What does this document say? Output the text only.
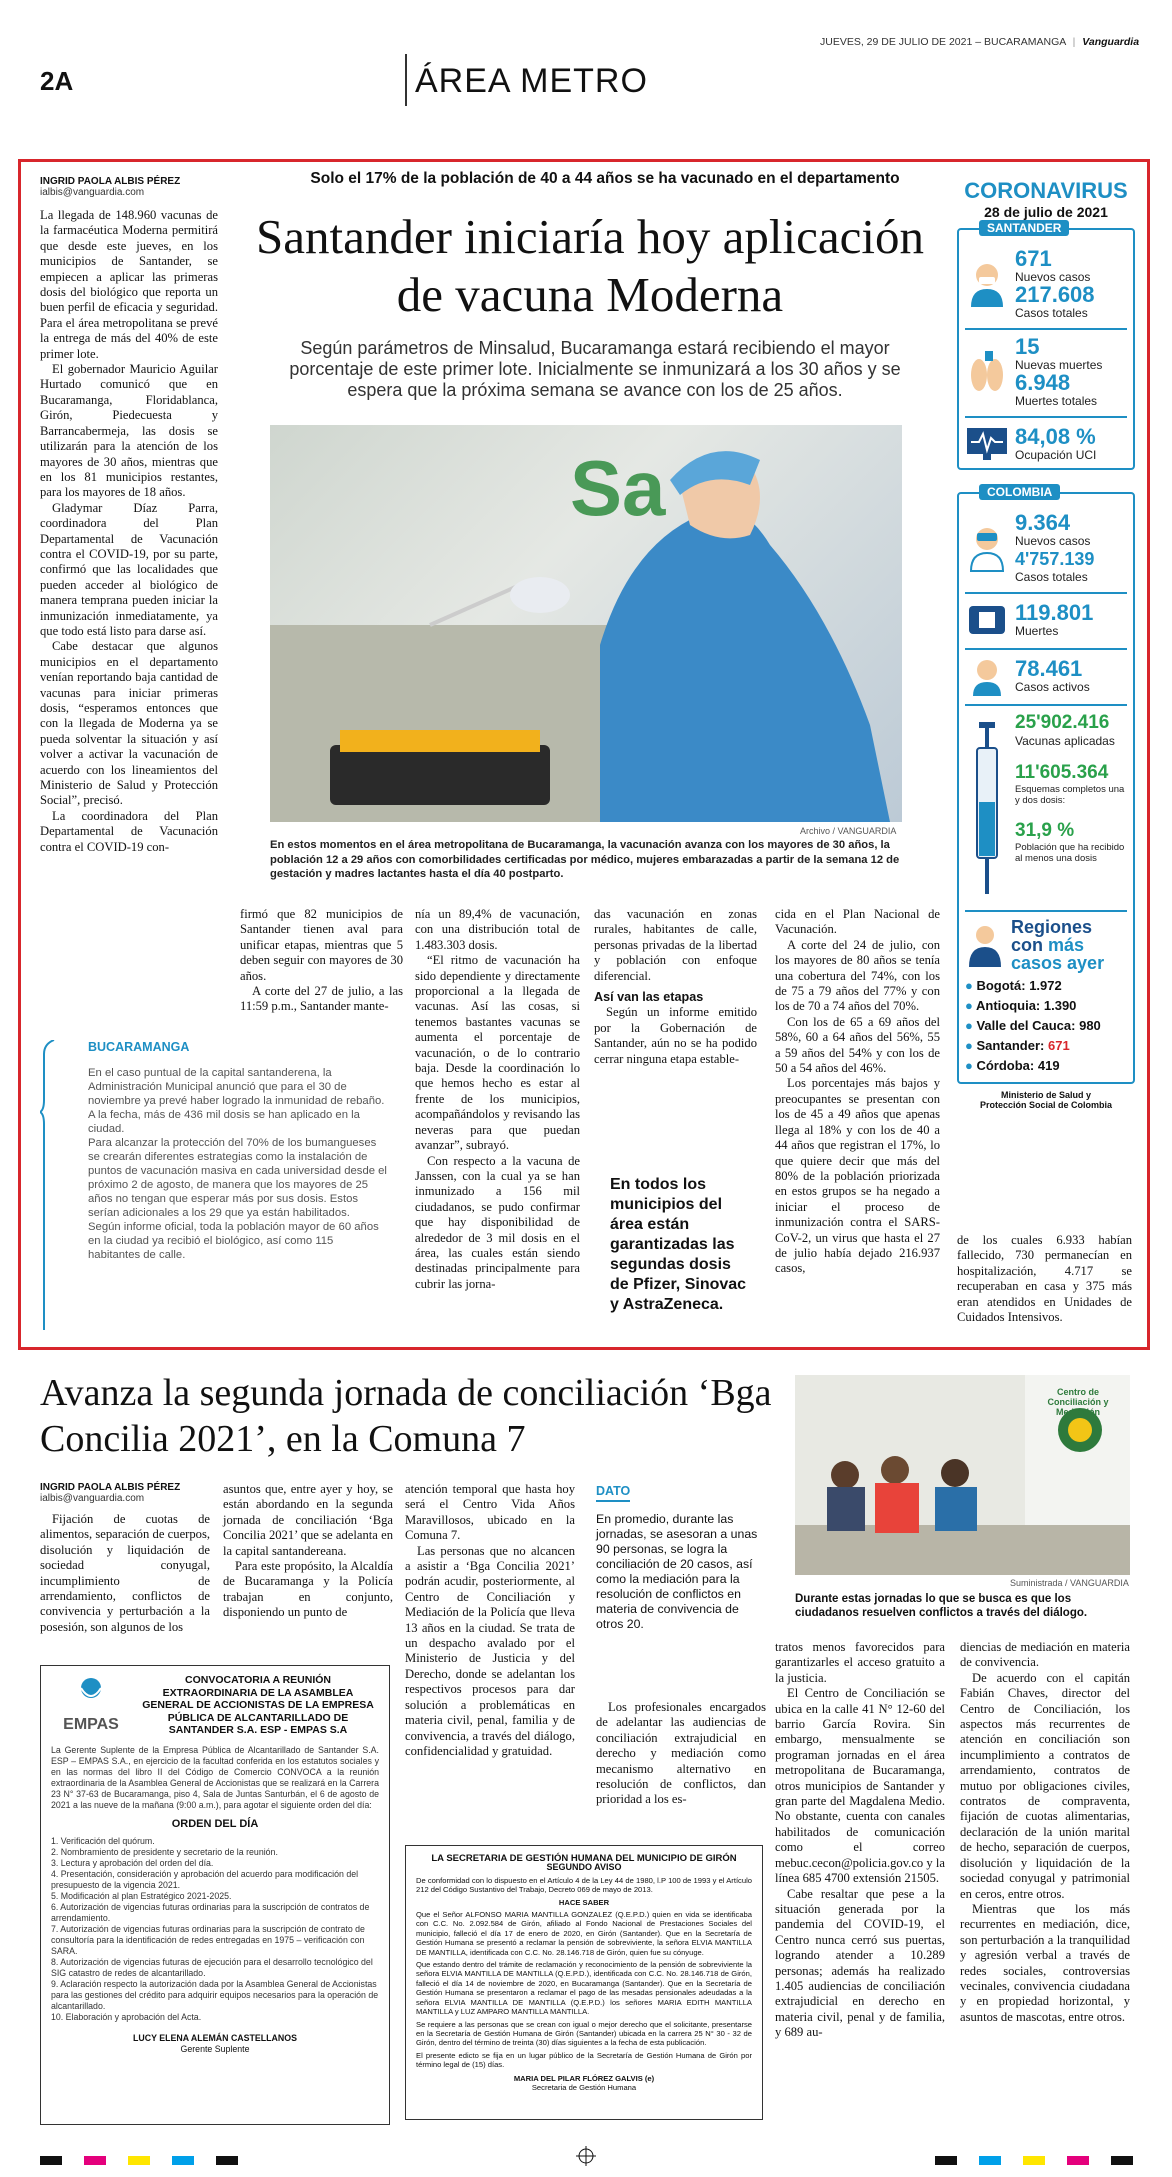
JUEVES, 29 DE JULIO DE 2021 – BUCARAMANGA | Vanguardia
2A	ÁREA METRO
INGRID PAOLA ALBIS PÉREZ
ialbis@vanguardia.com
Solo el 17% de la población de 40 a 44 años se ha vacunado en el departamento
Santander iniciaría hoy aplicación de vacuna Moderna
Según parámetros de Minsalud, Bucaramanga estará recibiendo el mayor porcentaje de este primer lote. Inicialmente se inmunizará a los 30 años y se espera que la próxima semana se avance con los de 25 años.

La llegada de 148.960 vacunas de la farmacéutica Moderna permitirá que desde este jueves, en los municipios de Santander, se empiecen a aplicar las primeras dosis del biológico que reporta un buen perfil de eficacia y seguridad. Para el área metropolitana se prevé la entrega de más del 40% de este primer lote.

El gobernador Mauricio Aguilar Hurtado comunicó que en Bucaramanga, Floridablanca, Girón, Piedecuesta y Barrancabermeja, las dosis se utilizarán para la atención de los mayores de 30 años, mientras que en los 81 municipios restantes, para los mayores de 18 años.

Gladymar Díaz Parra, coordinadora del Plan Departamental de Vacunación contra el COVID-19, por su parte, confirmó que las localidades que pueden acceder al biológico de manera temprana pueden iniciar la inmunización inmediatamente, ya que todo está listo para darse así.

Cabe destacar que algunos municipios en el departamento venían reportando baja cantidad de vacunas para iniciar primeras dosis, “esperamos entonces que con la llegada de Moderna ya se pueda solventar la situación y así volver a activar la vacunación de acuerdo con los lineamientos del Ministerio de Salud y Protección Social”, precisó.

La coordinadora del Plan Departamental de Vacunación contra el COVID-19 con-

Sa
Archivo / VANGUARDIA
En estos momentos en el área metropolitana de Bucaramanga, la vacunación avanza con los mayores de 30 años, la población 12 a 29 años con comorbilidades certificadas por médico, mujeres embarazadas a partir de la semana 12 de gestación y madres lactantes hasta el día 40 postparto.

firmó que 82 municipios de Santander tienen aval para unificar etapas, mientras que 5 deben seguir con mayores de 30 años.

A corte del 27 de julio, a las 11:59 p.m., Santander mante-

nía un 89,4% de vacunación, con una distribución total de 1.483.303 dosis.

“El ritmo de vacunación ha sido dependiente y directamente proporcional a la llegada de vacunas. Así las cosas, si tenemos bastantes vacunas se aumenta el porcentaje de vacunación, o de lo contrario baja. Desde la coordinación lo que hemos hecho es estar al frente de los municipios, acompañándolos y revisando las neveras para que puedan avanzar”, subrayó.

Con respecto a la vacuna de Janssen, con la cual ya se han inmunizado a 156 mil ciudadanos, se pudo confirmar que hay disponibilidad de alrededor de 3 mil dosis en el área, las cuales están siendo destinadas principalmente para cubrir las jorna-

das vacunación en zonas rurales, habitantes de calle, personas privadas de la libertad y población con enfoque diferencial.

Así van las etapas

Según un informe emitido por la Gobernación de Santander, aún no se ha podido cerrar ninguna etapa estable-

En todos los municipios del área están garantizadas las segundas dosis de Pfizer, Sinovac y AstraZeneca.

cida en el Plan Nacional de Vacunación.

A corte del 24 de julio, con los mayores de 80 años se tenía una cobertura del 74%, con los de 75 a 79 años del 77% y con los de 70 a 74 años del 70%.

Con los de 65 a 69 años del 58%, 60 a 64 años del 56%, 55 a 59 años del 54% y con los de 50 a 54 años del 46%.

Los porcentajes más bajos y preocupantes se presentan con los de 45 a 49 años que apenas llega al 18% y con los de 40 a 44 años que registran el 17%, lo que quiere decir que más del 80% de la población priorizada en estos grupos se ha negado a iniciar el proceso de inmunización contra el SARS-CoV-2, un virus que hasta el 27 de julio había dejado 216.937 casos,

de los cuales 6.933 habían fallecido, 730 permanecían en hospitalización, 4.717 se recuperaban en casa y 375 más eran atendidos en Unidades de Cuidados Intensivos.

BUCARAMANGA

En el caso puntual de la capital santanderena, la Administración Municipal anunció que para el 30 de noviembre ya prevé haber logrado la inmunidad de rebaño. A la fecha, más de 436 mil dosis se han aplicado en la ciudad.

Para alcanzar la protección del 70% de los bumangueses se crearán diferentes estrategias como la instalación de puntos de vacunación masiva en cada universidad desde el próximo 2 de agosto, de manera que los mayores de 25 años no tengan que esperar más por sus dosis. Estos serían adicionales a los 29 que ya están habilitados.

Según informe oficial, toda la población mayor de 60 años en la ciudad ya recibió el biológico, así como 115 habitantes de calle.

CORONAVIRUS
28 de julio de 2021
SANTANDER
671
Nuevos casos
217.608
Casos totales
15
Nuevas muertes
6.948
Muertes totales
84,08 %
Ocupación UCI
COLOMBIA
9.364
Nuevos casos
4'757.139
Casos totales
119.801
Muertes
78.461
Casos activos
25'902.416
Vacunas aplicadas
11'605.364
Esquemas completos una y dos dosis:
31,9 %
Población que ha recibido al menos una dosis
Regiones
con más
casos ayer
● Bogotá: 1.972
● Antioquia: 1.390
● Valle del Cauca: 980
● Santander: 671
● Córdoba: 419
Ministerio de Salud y Protección Social de Colombia
Avanza la segunda jornada de conciliación ‘Bga Concilia 2021’, en la Comuna 7
INGRID PAOLA ALBIS PÉREZ
ialbis@vanguardia.com

Fijación de cuotas de alimentos, separación de cuerpos, disolución y liquidación de sociedad conyugal, incumplimiento de arrendamiento, conflictos de convivencia y perturbación a la posesión, son algunos de los

asuntos que, entre ayer y hoy, se están abordando en la segunda jornada de conciliación ‘Bga Concilia 2021’ que se adelanta en la capital santandereana.

Para este propósito, la Alcaldía de Bucaramanga y la Policía trabajan en conjunto, disponiendo un punto de

atención temporal que hasta hoy será el Centro Vida Años Maravillosos, ubicado en la Comuna 7.

Las personas que no alcancen a asistir a ‘Bga Concilia 2021’ podrán acudir, posteriormente, al Centro de Conciliación y Mediación de la Policía que lleva 13 años en la ciudad. Se trata de un despacho avalado por el Ministerio de Justicia y del Derecho, donde se adelantan los respectivos procesos para dar solución a problemáticas en materia civil, penal, familia y de convivencia, a través del diálogo, confidencialidad y gratuidad.

DATO
En promedio, durante las jornadas, se asesoran a unas 90 personas, se logra la conciliación de 20 casos, así como la mediación para la resolución de conflictos en materia de convivencia de otros 20.

Los profesionales encargados de adelantar las audiencias de conciliación extrajudicial en derecho y mediación como mecanismo alternativo en resolución de conflictos, dan prioridad a los es-

Centro de Conciliación y Mediación
Suministrada / VANGUARDIA
Durante estas jornadas lo que se busca es que los ciudadanos resuelven conflictos a través del diálogo.

tratos menos favorecidos para garantizarles el acceso gratuito a la justicia.

El Centro de Conciliación se ubica en la calle 41 N° 12-60 del barrio García Rovira. Sin embargo, mensualmente se programan jornadas en el área metropolitana de Bucaramanga, otros municipios de Santander y gran parte del Magdalena Medio. No obstante, cuenta con canales habilitados de comunicación como el correo mebuc.cecon@policia.gov.co y la línea 685 4700 extensión 21505.

Cabe resaltar que pese a la situación generada por la pandemia del COVID-19, el Centro nunca cerró sus puertas, logrando atender a 10.289 personas; además ha realizado 1.405 audiencias de conciliación extrajudicial en derecho en materia civil, penal y de familia, y 689 au-

diencias de mediación en materia de convivencia.

De acuerdo con el capitán Fabián Chaves, director del Centro de Conciliación, los aspectos más recurrentes de atención en conciliación son incumplimiento a contratos de arrendamiento, contratos de mutuo por obligaciones civiles, contratos de compraventa, fijación de cuotas alimentarias, declaración de la unión marital de hecho, separación de cuerpos, disolución y liquidación de la sociedad conyugal y patrimonial en ceros, entre otros.

Mientras que los más recurrentes en mediación, dice, son perturbación a la tranquilidad y agresión verbal a través de redes sociales, controversias vecinales, convivencia ciudadana y en propiedad horizontal, y asuntos de mascotas, entre otros.

EMPAS
CONVOCATORIA A REUNIÓN EXTRAORDINARIA DE LA ASAMBLEA GENERAL DE ACCIONISTAS DE LA EMPRESA PÚBLICA DE ALCANTARILLADO DE SANTANDER S.A. ESP - EMPAS S.A
La Gerente Suplente de la Empresa Pública de Alcantarillado de Santander S.A. ESP – EMPAS S.A., en ejercicio de la facultad conferida en los estatutos sociales y en las normas del libro II del Código de Comercio CONVOCA a la reunión extraordinaria de la Asamblea General de Accionistas que se realizará en la Carrera 23 N° 37-63 de Bucaramanga, piso 4, Sala de Juntas Santurbán, el 6 de agosto de 2021 a las nueve de la mañana (9:00 a.m.), para agotar el siguiente orden del día:
ORDEN DEL DÍA
1. Verificación del quórum.
2. Nombramiento de presidente y secretario de la reunión.
3. Lectura y aprobación del orden del día.
4. Presentación, consideración y aprobación del acuerdo para modificación del presupuesto de la vigencia 2021.
5. Modificación al plan Estratégico 2021-2025.
6. Autorización de vigencias futuras ordinarias para la suscripción de contratos de arrendamiento.
7. Autorización de vigencias futuras ordinarias para la suscripción de contrato de consultoría para la identificación de redes entregadas en 1975 – verificación con SARA.
8. Autorización de vigencias futuras de ejecución para el desarrollo tecnológico del SIG catastro de redes de alcantarillado.
9. Aclaración respecto la autorización dada por la Asamblea General de Accionistas para las gestiones del crédito para adquirir equipos necesarios para la operación de alcantarillado.
10. Elaboración y aprobación del Acta.
LUCY ELENA ALEMÁN CASTELLANOS
Gerente Suplente
LA SECRETARIA DE GESTIÓN HUMANA DEL MUNICIPIO DE GIRÓN
SEGUNDO AVISO
De conformidad con lo dispuesto en el Artículo 4 de la Ley 44 de 1980, l.P 100 de 1993 y el Artículo 212 del Código Sustantivo del Trabajo, Decreto 069 de mayo de 2013.
HACE SABER
Que el Señor ALFONSO MARIA MANTILLA GONZALEZ (Q.E.P.D.) quien en vida se identificaba con C.C. No. 2.092.584 de Girón, afiliado al Fondo Nacional de Prestaciones Sociales del municipio, falleció el día 17 de enero de 2020, en Girón (Santander). Que en la Secretaría de Gestión Humana se presentó a reclamar la pensión de sobreviviente, la señora ELVIA MANTILLA DE MANTILLA, identificada con C.C. No. 28.146.718 de Girón, quien fue su cónyuge.
Que estando dentro del trámite de reclamación y reconocimiento de la pensión de sobreviviente la señora ELVIA MANTILLA DE MANTILLA (Q.E.P.D.), identificada con C.C. No. 28.146.718 de Girón, falleció el día 14 de noviembre de 2020, en Bucaramanga (Santander). Que en la Secretaría de Gestión Humana se presentaron a reclamar el pago de las mesadas pensionales adeudadas a la señora ELVIA MANTILLA DE MANTILLA (Q.E.P.D.) los señores MARIA EDITH MANTILLA MANTILLA y LUZ AMPARO MANTILLA MANTILLA.
Se requiere a las personas que se crean con igual o mejor derecho que el solicitante, presentarse en la Secretaría de Gestión Humana de Girón (Santander) ubicada en la carrera 25 N° 30 - 32 de Girón, dentro del término de treinta (30) días siguientes a la fecha de esta publicación.
El presente edicto se fija en un lugar público de la Secretaría de Gestión Humana de Girón por término legal de (15) días.
MARIA DEL PILAR FLÓREZ GALVIS (e)
Secretaria de Gestión Humana
